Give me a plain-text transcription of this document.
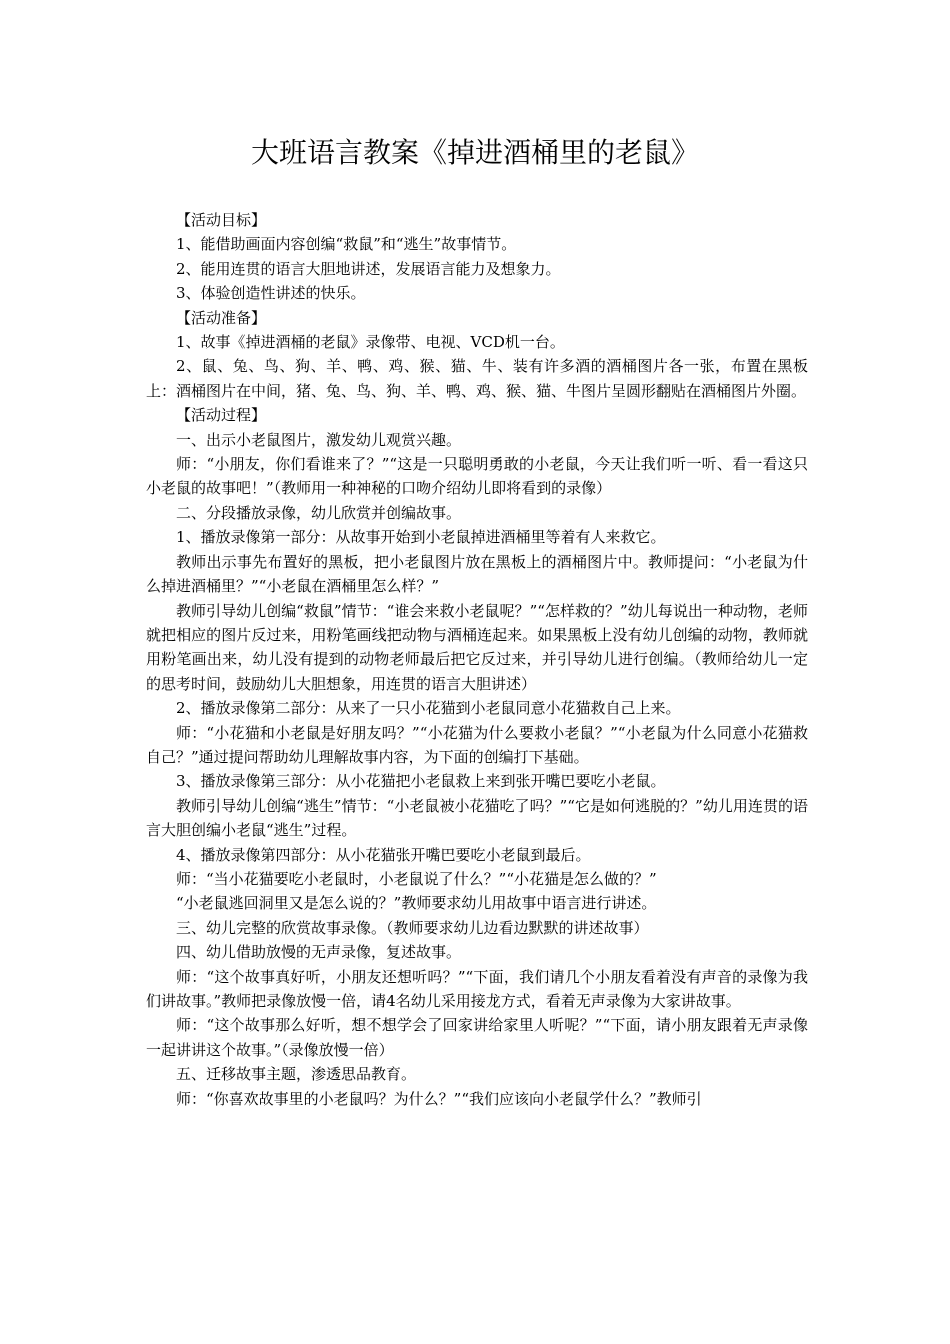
大班语言教案《掉进酒桶里的老鼠》

【活动目标】

1、能借助画面内容创编“救鼠”和“逃生”故事情节。

2、能用连贯的语言大胆地讲述，发展语言能力及想象力。

3、体验创造性讲述的快乐。

【活动准备】

1、故事《掉进酒桶的老鼠》录像带、电视、VCD机一台。

2、鼠、兔、鸟、狗、羊、鸭、鸡、猴、猫、牛、装有许多酒的酒桶图片各一张，布置在黑板上：酒桶图片在中间，猪、兔、鸟、狗、羊、鸭、鸡、猴、猫、牛图片呈圆形翻贴在酒桶图片外圈。

【活动过程】

一、出示小老鼠图片，激发幼儿观赏兴趣。

师：“小朋友，你们看谁来了？”“这是一只聪明勇敢的小老鼠，今天让我们听一听、看一看这只小老鼠的故事吧！”（教师用一种神秘的口吻介绍幼儿即将看到的录像）

二、分段播放录像，幼儿欣赏并创编故事。

1、播放录像第一部分：从故事开始到小老鼠掉进酒桶里等着有人来救它。

教师出示事先布置好的黑板，把小老鼠图片放在黑板上的酒桶图片中。教师提问：“小老鼠为什么掉进酒桶里？”“小老鼠在酒桶里怎么样？”

教师引导幼儿创编“救鼠”情节：“谁会来救小老鼠呢？”“怎样救的？”幼儿每说出一种动物，老师就把相应的图片反过来，用粉笔画线把动物与酒桶连起来。如果黑板上没有幼儿创编的动物，教师就用粉笔画出来，幼儿没有提到的动物老师最后把它反过来，并引导幼儿进行创编。（教师给幼儿一定的思考时间，鼓励幼儿大胆想象，用连贯的语言大胆讲述）

2、播放录像第二部分：从来了一只小花猫到小老鼠同意小花猫救自己上来。

师：“小花猫和小老鼠是好朋友吗？”“小花猫为什么要救小老鼠？”“小老鼠为什么同意小花猫救自己？”通过提问帮助幼儿理解故事内容，为下面的创编打下基础。

3、播放录像第三部分：从小花猫把小老鼠救上来到张开嘴巴要吃小老鼠。

教师引导幼儿创编“逃生”情节：“小老鼠被小花猫吃了吗？”“它是如何逃脱的？”幼儿用连贯的语言大胆创编小老鼠“逃生”过程。

4、播放录像第四部分：从小花猫张开嘴巴要吃小老鼠到最后。

师：“当小花猫要吃小老鼠时，小老鼠说了什么？”“小花猫是怎么做的？”

“小老鼠逃回洞里又是怎么说的？”教师要求幼儿用故事中语言进行讲述。

三、幼儿完整的欣赏故事录像。（教师要求幼儿边看边默默的讲述故事）

四、幼儿借助放慢的无声录像，复述故事。

师：“这个故事真好听，小朋友还想听吗？”“下面，我们请几个小朋友看着没有声音的录像为我们讲故事。”教师把录像放慢一倍，请4名幼儿采用接龙方式，看着无声录像为大家讲故事。

师：“这个故事那么好听，想不想学会了回家讲给家里人听呢？”“下面，请小朋友跟着无声录像一起讲讲这个故事。”（录像放慢一倍）

五、迁移故事主题，渗透思品教育。

师：“你喜欢故事里的小老鼠吗？为什么？”“我们应该向小老鼠学什么？”教师引
